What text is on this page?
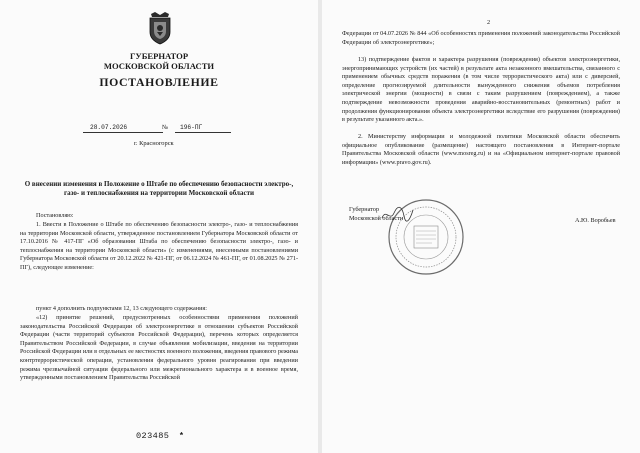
ГУБЕРНАТОР
МОСКОВСКОЙ ОБЛАСТИ
ПОСТАНОВЛЕНИЕ
28.07.2026	№ 196-ПГ
г. Красногорск
О внесении изменения в Положение о Штабе по обеспечению безопасности электро-, газо- и теплоснабжения на территории Московской области
Постановляю:
1. Ввести в Положение о Штабе по обеспечению безопасности электро-, газо- и теплоснабжения на территории Московской области, утвержденное постановлением Губернатора Московской области от 17.10.2016 № 417-ПГ «Об образовании Штаба по обеспечению безопасности электро-, газо- и теплоснабжения на территории Московской области» (с изменениями, внесенными постановлениями Губернатора Московской области от 20.12.2022 № 421-ПГ, от 06.12.2024 № 461-ПГ, от 01.08.2025 № 271-ПГ), следующее изменение:
пункт 4 дополнить подпунктами 12, 13 следующего содержания:
«12) принятие решений, предусмотренных особенностями применения положений законодательства Российской Федерации об электроэнергетике в отношении субъектов Российской Федерации (части территорий субъектов Российской Федерации), перечень которых определяется Правительством Российской Федерации, в случае объявления мобилизации, введения на территории Российской Федерации или в отдельных ее местностях военного положения, введения правового режима контртеррористической операции, установления федерального уровня реагирования при введении режима чрезвычайной ситуации федерального или межрегионального характера и в военное время, утвержденными постановлением Правительства Российской
023485 *
2
Федерации от 04.07.2026 № 844 «Об особенностях применения положений законодательства Российской Федерации об электроэнергетике»;
13) подтверждение фактов и характера разрушения (повреждения) объектов электроэнергетики, энергопринимающих устройств (их частей) в результате акта незаконного вмешательства, связанного с применением обычных средств поражения (в том числе террористического акта) или с диверсией, определение прогнозируемой длительности вынужденного снижения объемов потребления электрической энергии (мощности) в связи с таким разрушением (повреждением), а также подтверждение невозможности проведения аварийно-восстановительных (ремонтных) работ и продолжения функционирования объекта электроэнергетики вследствие его разрушения (повреждения) в результате указанного акта.».
2. Министерству информации и молодежной политики Московской области обеспечить официальное опубликование (размещение) настоящего постановления в Интернет-портале Правительства Московской области (www.mosreg.ru) и на «Официальном интернет-портале правовой информации» (www.pravo.gov.ru).
Губернатор
Московской области	А.Ю. Воробьев
